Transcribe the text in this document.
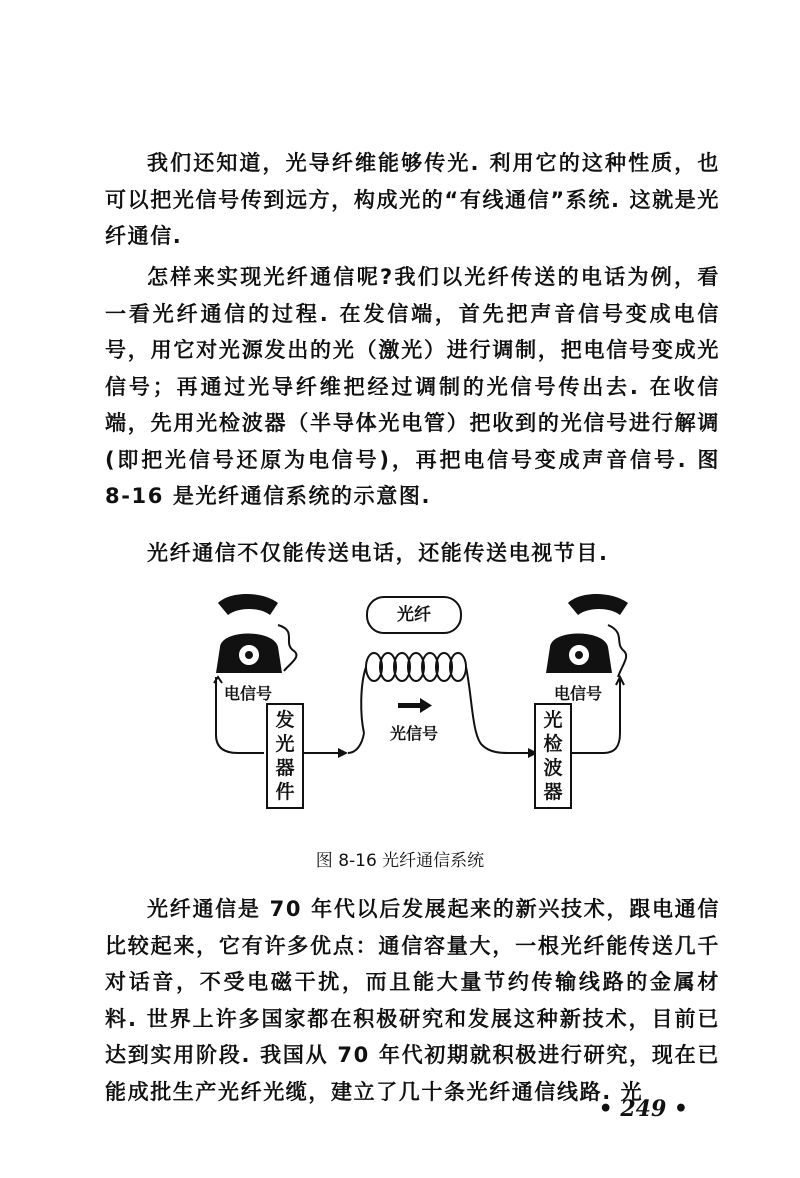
我们还知道，光导纤维能够传光. 利用它的这种性质，也可以把光信号传到远方，构成光的“有线通信”系统. 这就是光纤通信.

怎样来实现光纤通信呢?我们以光纤传送的电话为例，看一看光纤通信的过程. 在发信端，首先把声音信号变成电信号，用它对光源发出的光（激光）进行调制，把电信号变成光信号；再通过光导纤维把经过调制的光信号传出去. 在收信端，先用光检波器（半导体光电管）把收到的光信号进行解调(即把光信号还原为电信号)，再把电信号变成声音信号. 图 8-16 是光纤通信系统的示意图.

光纤通信不仅能传送电话，还能传送电视节目.

光纤
电信号	电信号
光信号
发
光
器
件
光
检
波
器
图 8-16 光纤通信系统

光纤通信是 70 年代以后发展起来的新兴技术，跟电通信比较起来，它有许多优点：通信容量大，一根光纤能传送几千对话音，不受电磁干扰，而且能大量节约传输线路的金属材料. 世界上许多国家都在积极研究和发展这种新技术，目前已达到实用阶段. 我国从 70 年代初期就积极进行研究，现在已能成批生产光纤光缆，建立了几十条光纤通信线路. 光

• 249 •
